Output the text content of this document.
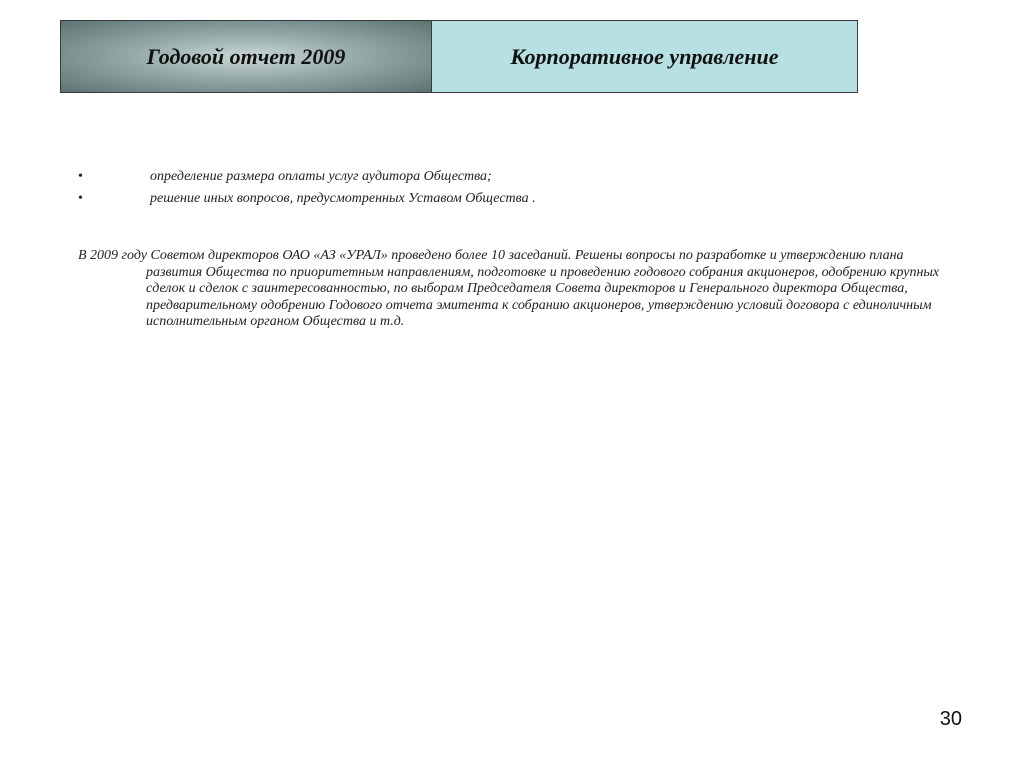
Годовой отчет 2009	Корпоративное управление
•	определение размера оплаты услуг аудитора Общества;
•	решение иных вопросов, предусмотренных Уставом Общества .

В 2009 году Советом директоров ОАО «АЗ «УРАЛ» проведено более 10 заседаний. Решены вопросы по разработке и утверждению плана развития Общества по приоритетным направлениям, подготовке и проведению годового собрания акционеров, одобрению крупных сделок и сделок с заинтересованностью, по выборам Председателя Совета директоров и Генерального директора Общества, предварительному одобрению Годового отчета эмитента к собранию акционеров, утверждению условий договора с единоличным исполнительным органом Общества и т.д.

30
